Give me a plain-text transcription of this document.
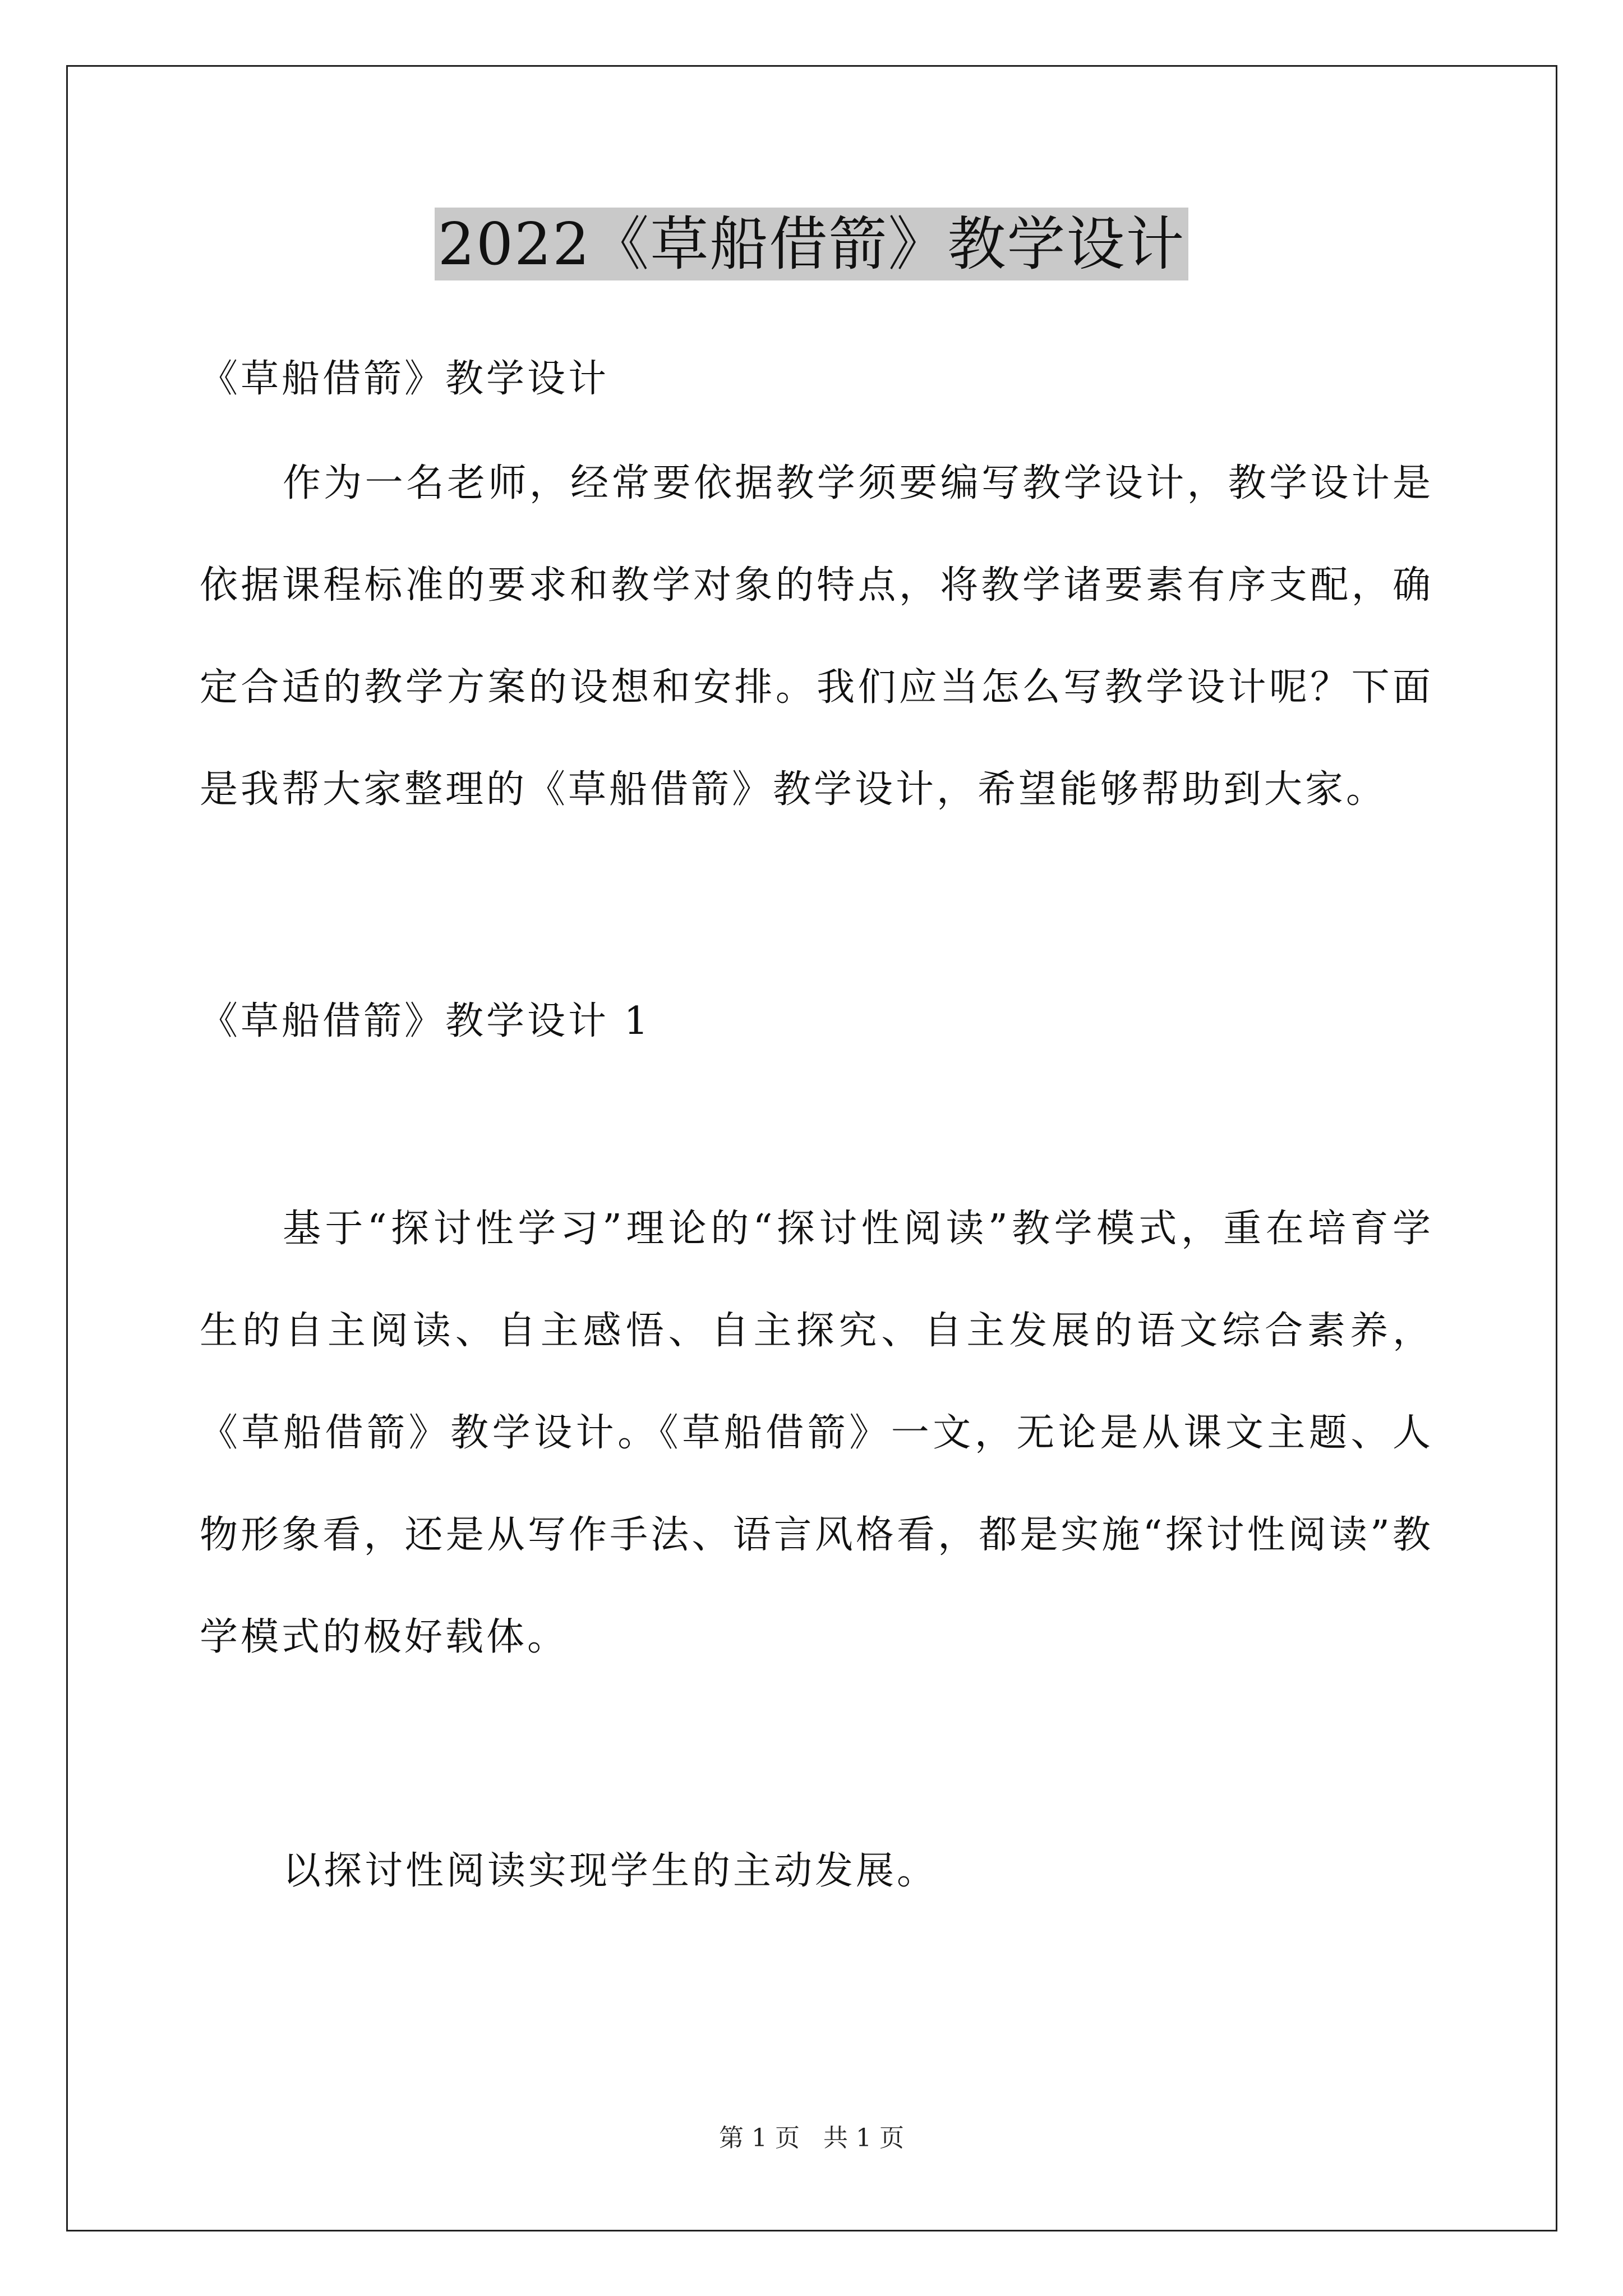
2022《草船借箭》教学设计

《草船借箭》教学设计

作为一名老师，经常要依据教学须要编写教学设计，教学设计是依据课程标准的要求和教学对象的特点，将教学诸要素有序支配，确定合适的教学方案的设想和安排。我们应当怎么写教学设计呢？下面是我帮大家整理的《草船借箭》教学设计，希望能够帮助到大家。

《草船借箭》教学设计 1

基于“探讨性学习”理论的“探讨性阅读”教学模式，重在培育学生的自主阅读、自主感悟、自主探究、自主发展的语文综合素养，《草船借箭》教学设计。《草船借箭》一文，无论是从课文主题、人物形象看，还是从写作手法、语言风格看，都是实施“探讨性阅读”教学模式的极好载体。

以探讨性阅读实现学生的主动发展。

第 1 页 共 1 页
